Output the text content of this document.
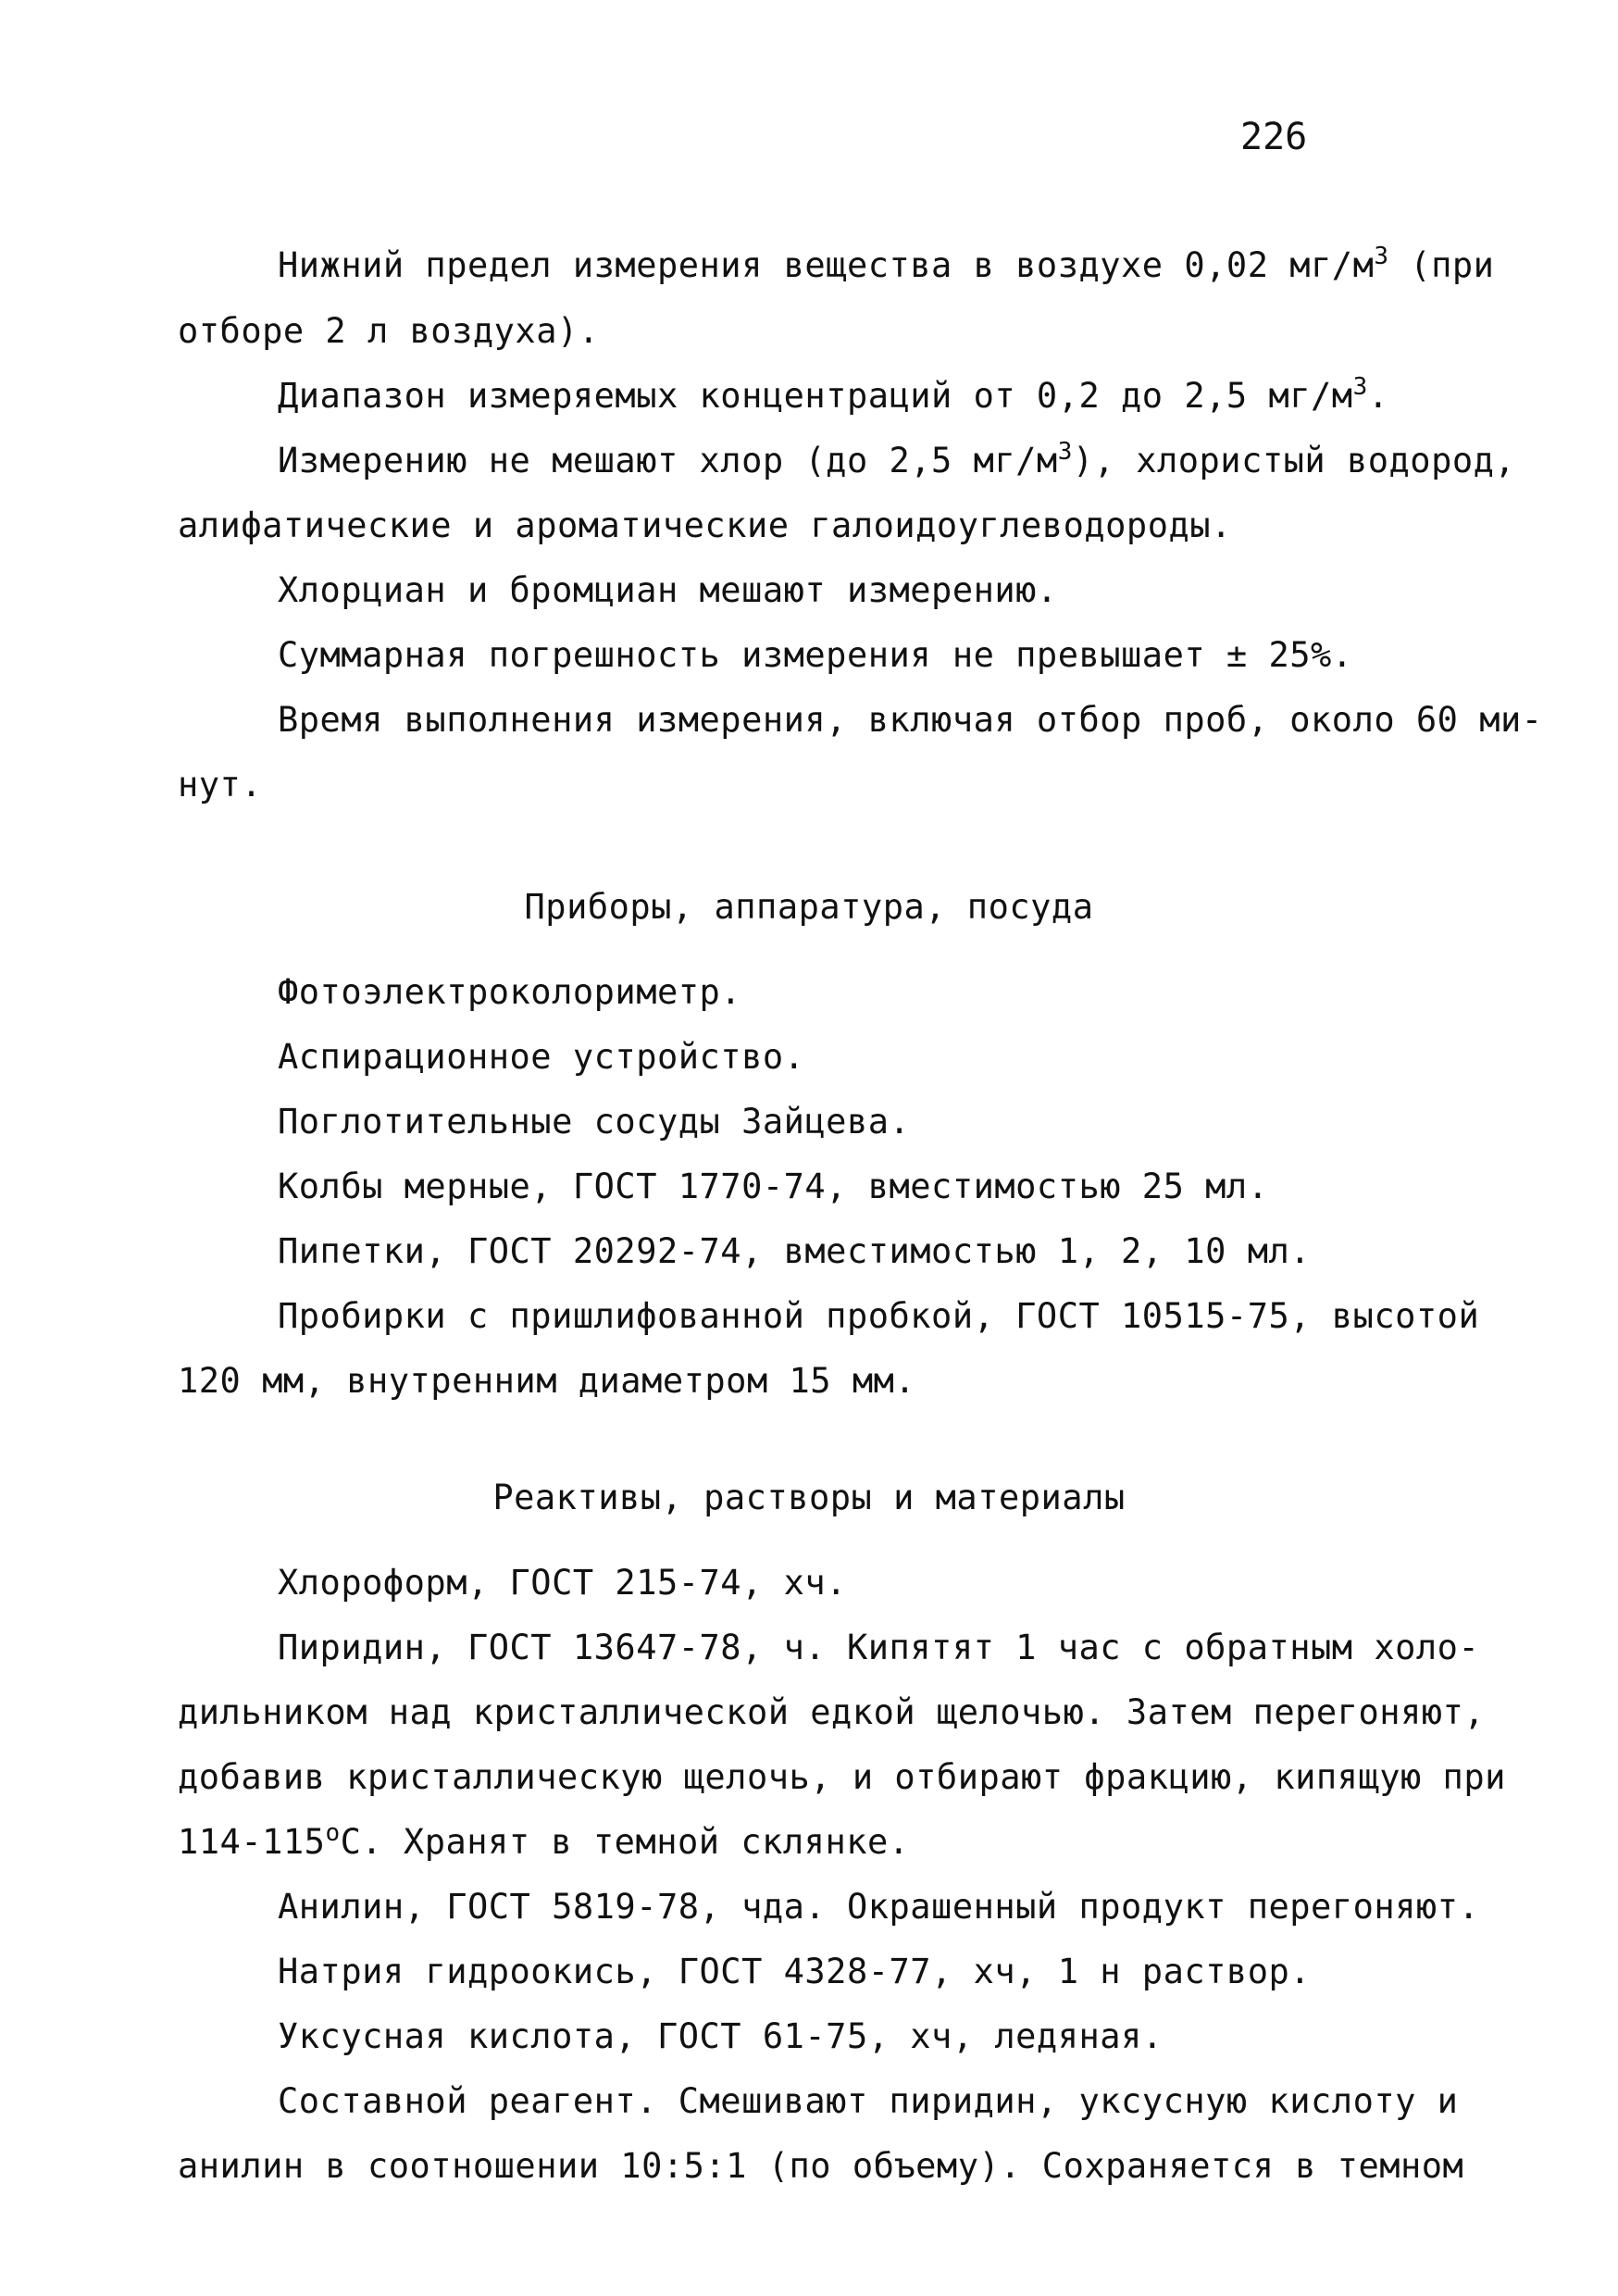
226
Нижний предел измерения вещества в воздухе 0,02 $мг/м^3$ (при
отборе 2 л воздуха).
Диапазон измеряемых концентраций от 0,2 до 2,5 $мг/м^3$.
Измерению не мешают хлор (до 2,5 $мг/м^3$), хлористый водород,
алифатические и ароматические галоидоуглеводороды.
Хлорциан и бромциан мешают измерению.
Суммарная погрешность измерения не превышает ± 25%.
Время выполнения измерения, включая отбор проб, около 60 ми-
нут.
Приборы, аппаратура, посуда
Фотоэлектроколориметр.
Аспирационное устройство.
Поглотительные сосуды Зайцева.
Колбы мерные, ГОСТ 1770-74, вместимостью 25 мл.
Пипетки, ГОСТ 20292-74, вместимостью 1, 2, 10 мл.
Пробирки с пришлифованной пробкой, ГОСТ 10515-75, высотой
120 мм, внутренним диаметром 15 мм.
Реактивы, растворы и материалы
Хлороформ, ГОСТ 215-74, хч.
Пиридин, ГОСТ 13647-78, ч. Кипятят 1 час с обратным холо-
дильником над кристаллической едкой щелочью. Затем перегоняют,
добавив кристаллическую щелочь, и отбирают фракцию, кипящую при
$114-115^оС$. Хранят в темной склянке.
Анилин, ГОСТ 5819-78, чда. Окрашенный продукт перегоняют.
Натрия гидроокись, ГОСТ 4328-77, хч, 1 н раствор.
Уксусная кислота, ГОСТ 61-75, хч, ледяная.
Составной реагент. Смешивают пиридин, уксусную кислоту и
анилин в соотношении 10:5:1 (по объему). Сохраняется в темном
